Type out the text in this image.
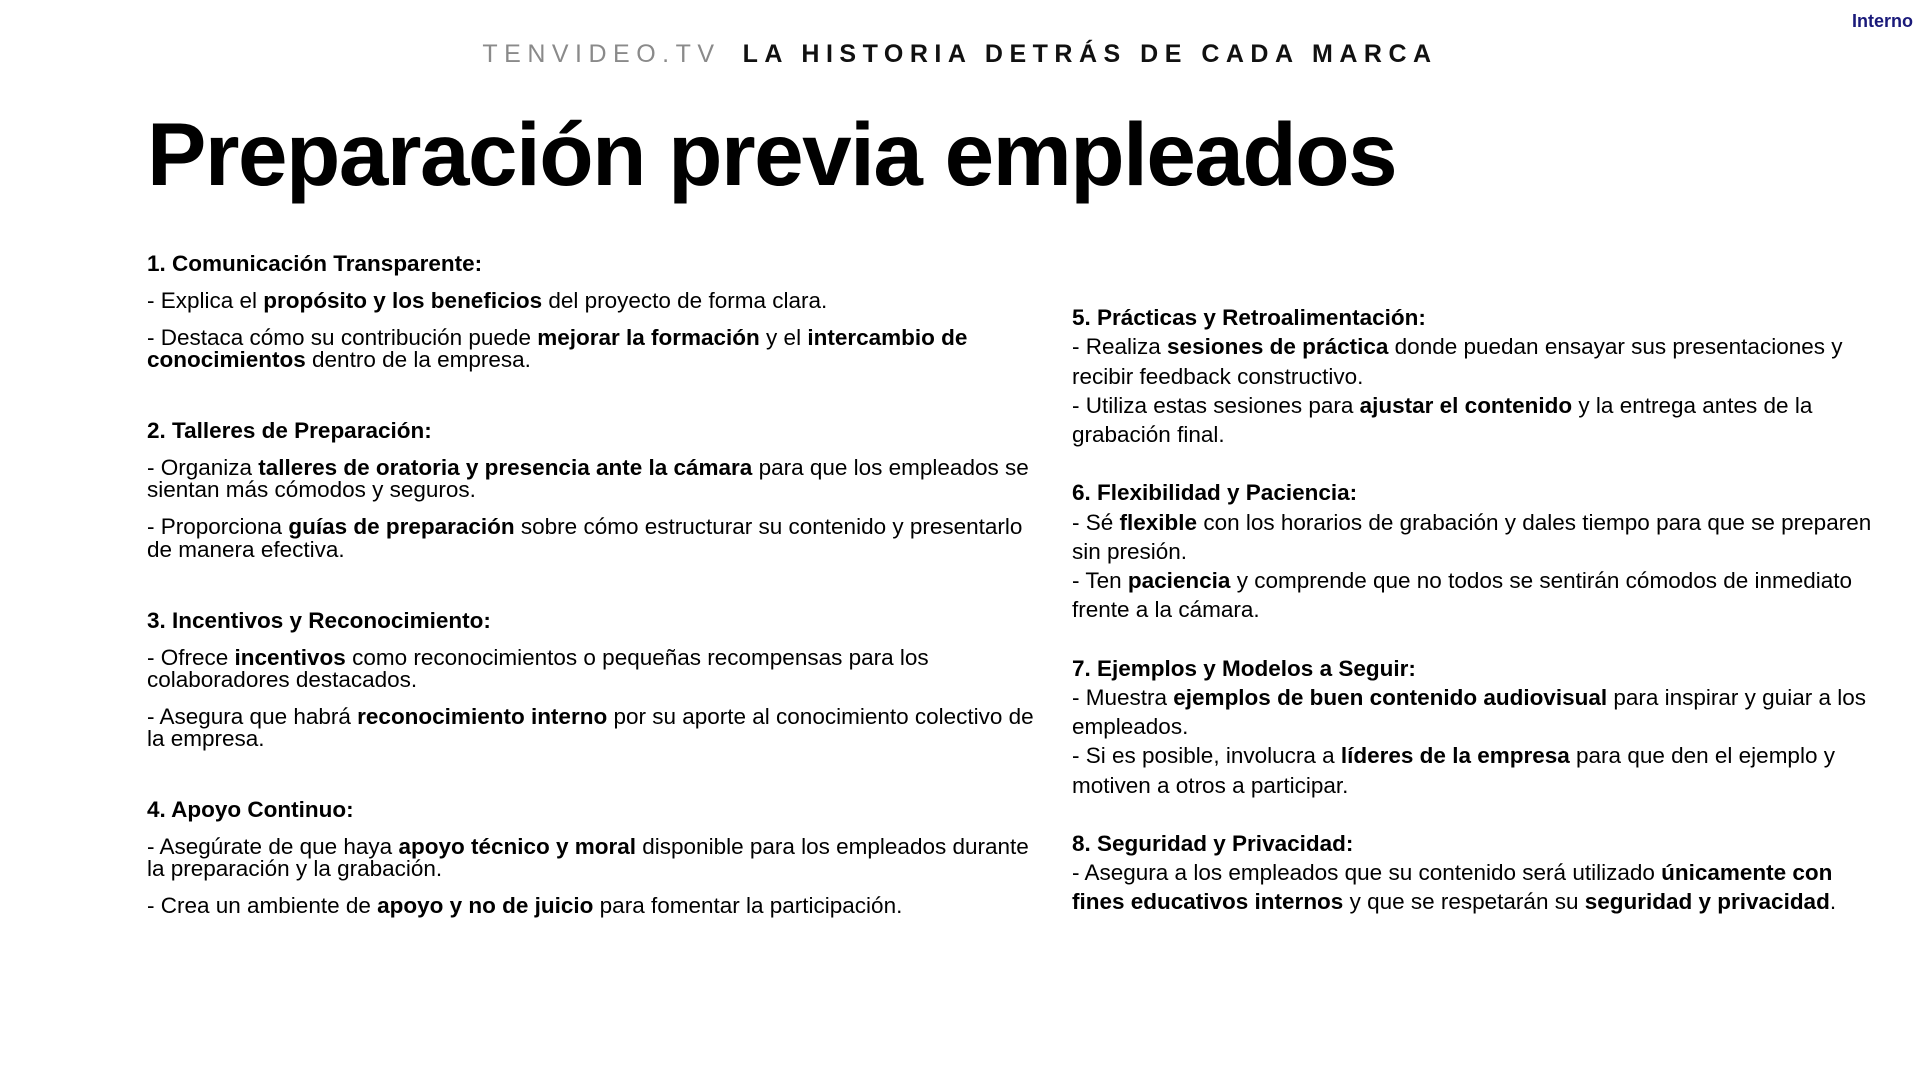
Interno
TENVIDEO.TV LA HISTORIA DETRÁS DE CADA MARCA
Preparación previa empleados
1. Comunicación Transparente:
- Explica el propósito y los beneficios del proyecto de forma clara.
- Destaca cómo su contribución puede mejorar la formación y el intercambio de conocimientos dentro de la empresa.
2. Talleres de Preparación:
- Organiza talleres de oratoria y presencia ante la cámara para que los empleados se sientan más cómodos y seguros.
- Proporciona guías de preparación sobre cómo estructurar su contenido y presentarlo de manera efectiva.
3. Incentivos y Reconocimiento:
- Ofrece incentivos como reconocimientos o pequeñas recompensas para los colaboradores destacados.
- Asegura que habrá reconocimiento interno por su aporte al conocimiento colectivo de la empresa.
4. Apoyo Continuo:
- Asegúrate de que haya apoyo técnico y moral disponible para los empleados durante la preparación y la grabación.
- Crea un ambiente de apoyo y no de juicio para fomentar la participación.
5. Prácticas y Retroalimentación:
- Realiza sesiones de práctica donde puedan ensayar sus presentaciones y recibir feedback constructivo.
- Utiliza estas sesiones para ajustar el contenido y la entrega antes de la grabación final.
6. Flexibilidad y Paciencia:
- Sé flexible con los horarios de grabación y dales tiempo para que se preparen sin presión.
- Ten paciencia y comprende que no todos se sentirán cómodos de inmediato frente a la cámara.
7. Ejemplos y Modelos a Seguir:
- Muestra ejemplos de buen contenido audiovisual para inspirar y guiar a los empleados.
- Si es posible, involucra a líderes de la empresa para que den el ejemplo y motiven a otros a participar.
8. Seguridad y Privacidad:
- Asegura a los empleados que su contenido será utilizado únicamente con fines educativos internos y que se respetarán su seguridad y privacidad.
